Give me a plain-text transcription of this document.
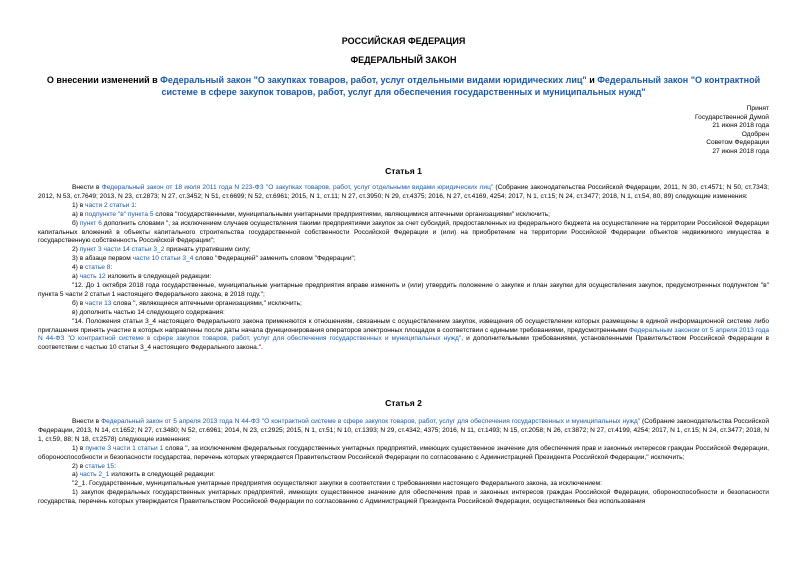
РОССИЙСКАЯ ФЕДЕРАЦИЯ
ФЕДЕРАЛЬНЫЙ ЗАКОН
О внесении изменений в Федеральный закон "О закупках товаров, работ, услуг отдельными видами юридических лиц" и Федеральный закон "О контрактной системе в сфере закупок товаров, работ, услуг для обеспечения государственных и муниципальных нужд"
Принят
Государственной Думой
21 июня 2018 года
Одобрен
Советом Федерации
27 июня 2018 года
Статья 1

Внести в Федеральный закон от 18 июля 2011 года N 223-ФЗ "О закупках товаров, работ, услуг отдельными видами юридических лиц" (Собрание законодательства Российской Федерации, 2011, N 30, ст.4571; N 50, ст.7343; 2012, N 53, ст.7649; 2013, N 23, ст.2873; N 27, ст.3452; N 51, ст.6699; N 52, ст.6961; 2015, N 1, ст.11; N 27, ст.3950; N 29, ст.4375; 2016, N 27, ст.4169, 4254; 2017, N 1, ст.15; N 24, ст.3477; 2018, N 1, ст.54, 80, 89) следующие изменения:

1) в части 2 статьи 1:

а) в подпункте "в" пункта 5 слова "государственными, муниципальными унитарными предприятиями, являющимися аптечными организациями" исключить;

б) пункт 6 дополнить словами ", за исключением случаев осуществления такими предприятиями закупок за счет субсидий, предоставленных из федерального бюджета на осуществление на территории Российской Федерации капитальных вложений в объекты капитального строительства государственной собственности Российской Федерации и (или) на приобретение на территории Российской Федерации объектов недвижимого имущества в государственную собственность Российской Федерации";

2) пункт 3 части 14 статьи 3_2 признать утратившим силу;

3) в абзаце первом части 10 статьи 3_4 слово "Федерацией" заменить словом "Федерации";

4) в статье 8:

а) часть 12 изложить в следующей редакции:

"12. До 1 октября 2018 года государственные, муниципальные унитарные предприятия вправе изменить и (или) утвердить положение о закупке и план закупки для осуществления закупок, предусмотренных подпунктом "в" пункта 5 части 2 статьи 1 настоящего Федерального закона, в 2018 году.";

б) в части 13 слова ", являющиеся аптечными организациями," исключить;

в) дополнить частью 14 следующего содержания:

"14. Положения статьи 3_4 настоящего Федерального закона применяются к отношениям, связанным с осуществлением закупок, извещения об осуществлении которых размещены в единой информационной системе либо приглашения принять участие в которых направлены после даты начала функционирования операторов электронных площадок в соответствии с едиными требованиями, предусмотренными Федеральным законом от 5 апреля 2013 года N 44-ФЗ "О контрактной системе в сфере закупок товаров, работ, услуг для обеспечения государственных и муниципальных нужд", и дополнительными требованиями, установленными Правительством Российской Федерации в соответствии с частью 10 статьи 3_4 настоящего Федерального закона.".

Статья 2

Внести в Федеральный закон от 5 апреля 2013 года N 44-ФЗ "О контрактной системе в сфере закупок товаров, работ, услуг для обеспечения государственных и муниципальных нужд" (Собрание законодательства Российской Федерации, 2013, N 14, ст.1652; N 27, ст.3480; N 52, ст.6961; 2014, N 23, ст.2925; 2015, N 1, ст.51; N 10, ст.1393; N 29, ст.4342, 4375; 2016, N 11, ст.1493; N 15, ст.2058; N 26, ст.3872; N 27, ст.4199, 4254; 2017, N 1, ст.15; N 24, ст.3477; 2018, N 1, ст.59, 88; N 18, ст.2578) следующие изменения:

1) в пункте 3 части 1 статьи 1 слова ", за исключением федеральных государственных унитарных предприятий, имеющих существенное значение для обеспечения прав и законных интересов граждан Российской Федерации, обороноспособности и безопасности государства, перечень которых утверждается Правительством Российской Федерации по согласованию с Администрацией Президента Российской Федерации," исключить;

2) в статье 15:

а) часть 2_1 изложить в следующей редакции:

"2_1. Государственные, муниципальные унитарные предприятия осуществляют закупки в соответствии с требованиями настоящего Федерального закона, за исключением:

1) закупок федеральных государственных унитарных предприятий, имеющих существенное значение для обеспечения прав и законных интересов граждан Российской Федерации, обороноспособности и безопасности государства, перечень которых утверждается Правительством Российской Федерации по согласованию с Администрацией Президента Российской Федерации, осуществляемых без использования
